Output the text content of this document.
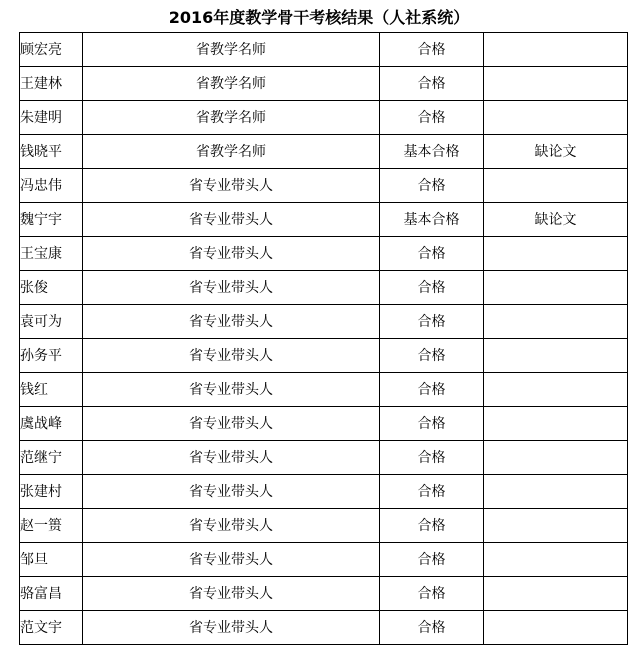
2016年度教学骨干考核结果（人社系统）
顾宏亮	省教学名师	合格	
王建林	省教学名师	合格	
朱建明	省教学名师	合格	
钱晓平	省教学名师	基本合格	缺论文
冯忠伟	省专业带头人	合格	
魏宁宇	省专业带头人	基本合格	缺论文
王宝康	省专业带头人	合格	
张俊	省专业带头人	合格	
袁可为	省专业带头人	合格	
孙务平	省专业带头人	合格	
钱红	省专业带头人	合格	
虞战峰	省专业带头人	合格	
范继宁	省专业带头人	合格	
张建村	省专业带头人	合格	
赵一篑	省专业带头人	合格	
邹旦	省专业带头人	合格	
骆富昌	省专业带头人	合格	
范文宇	省专业带头人	合格	
